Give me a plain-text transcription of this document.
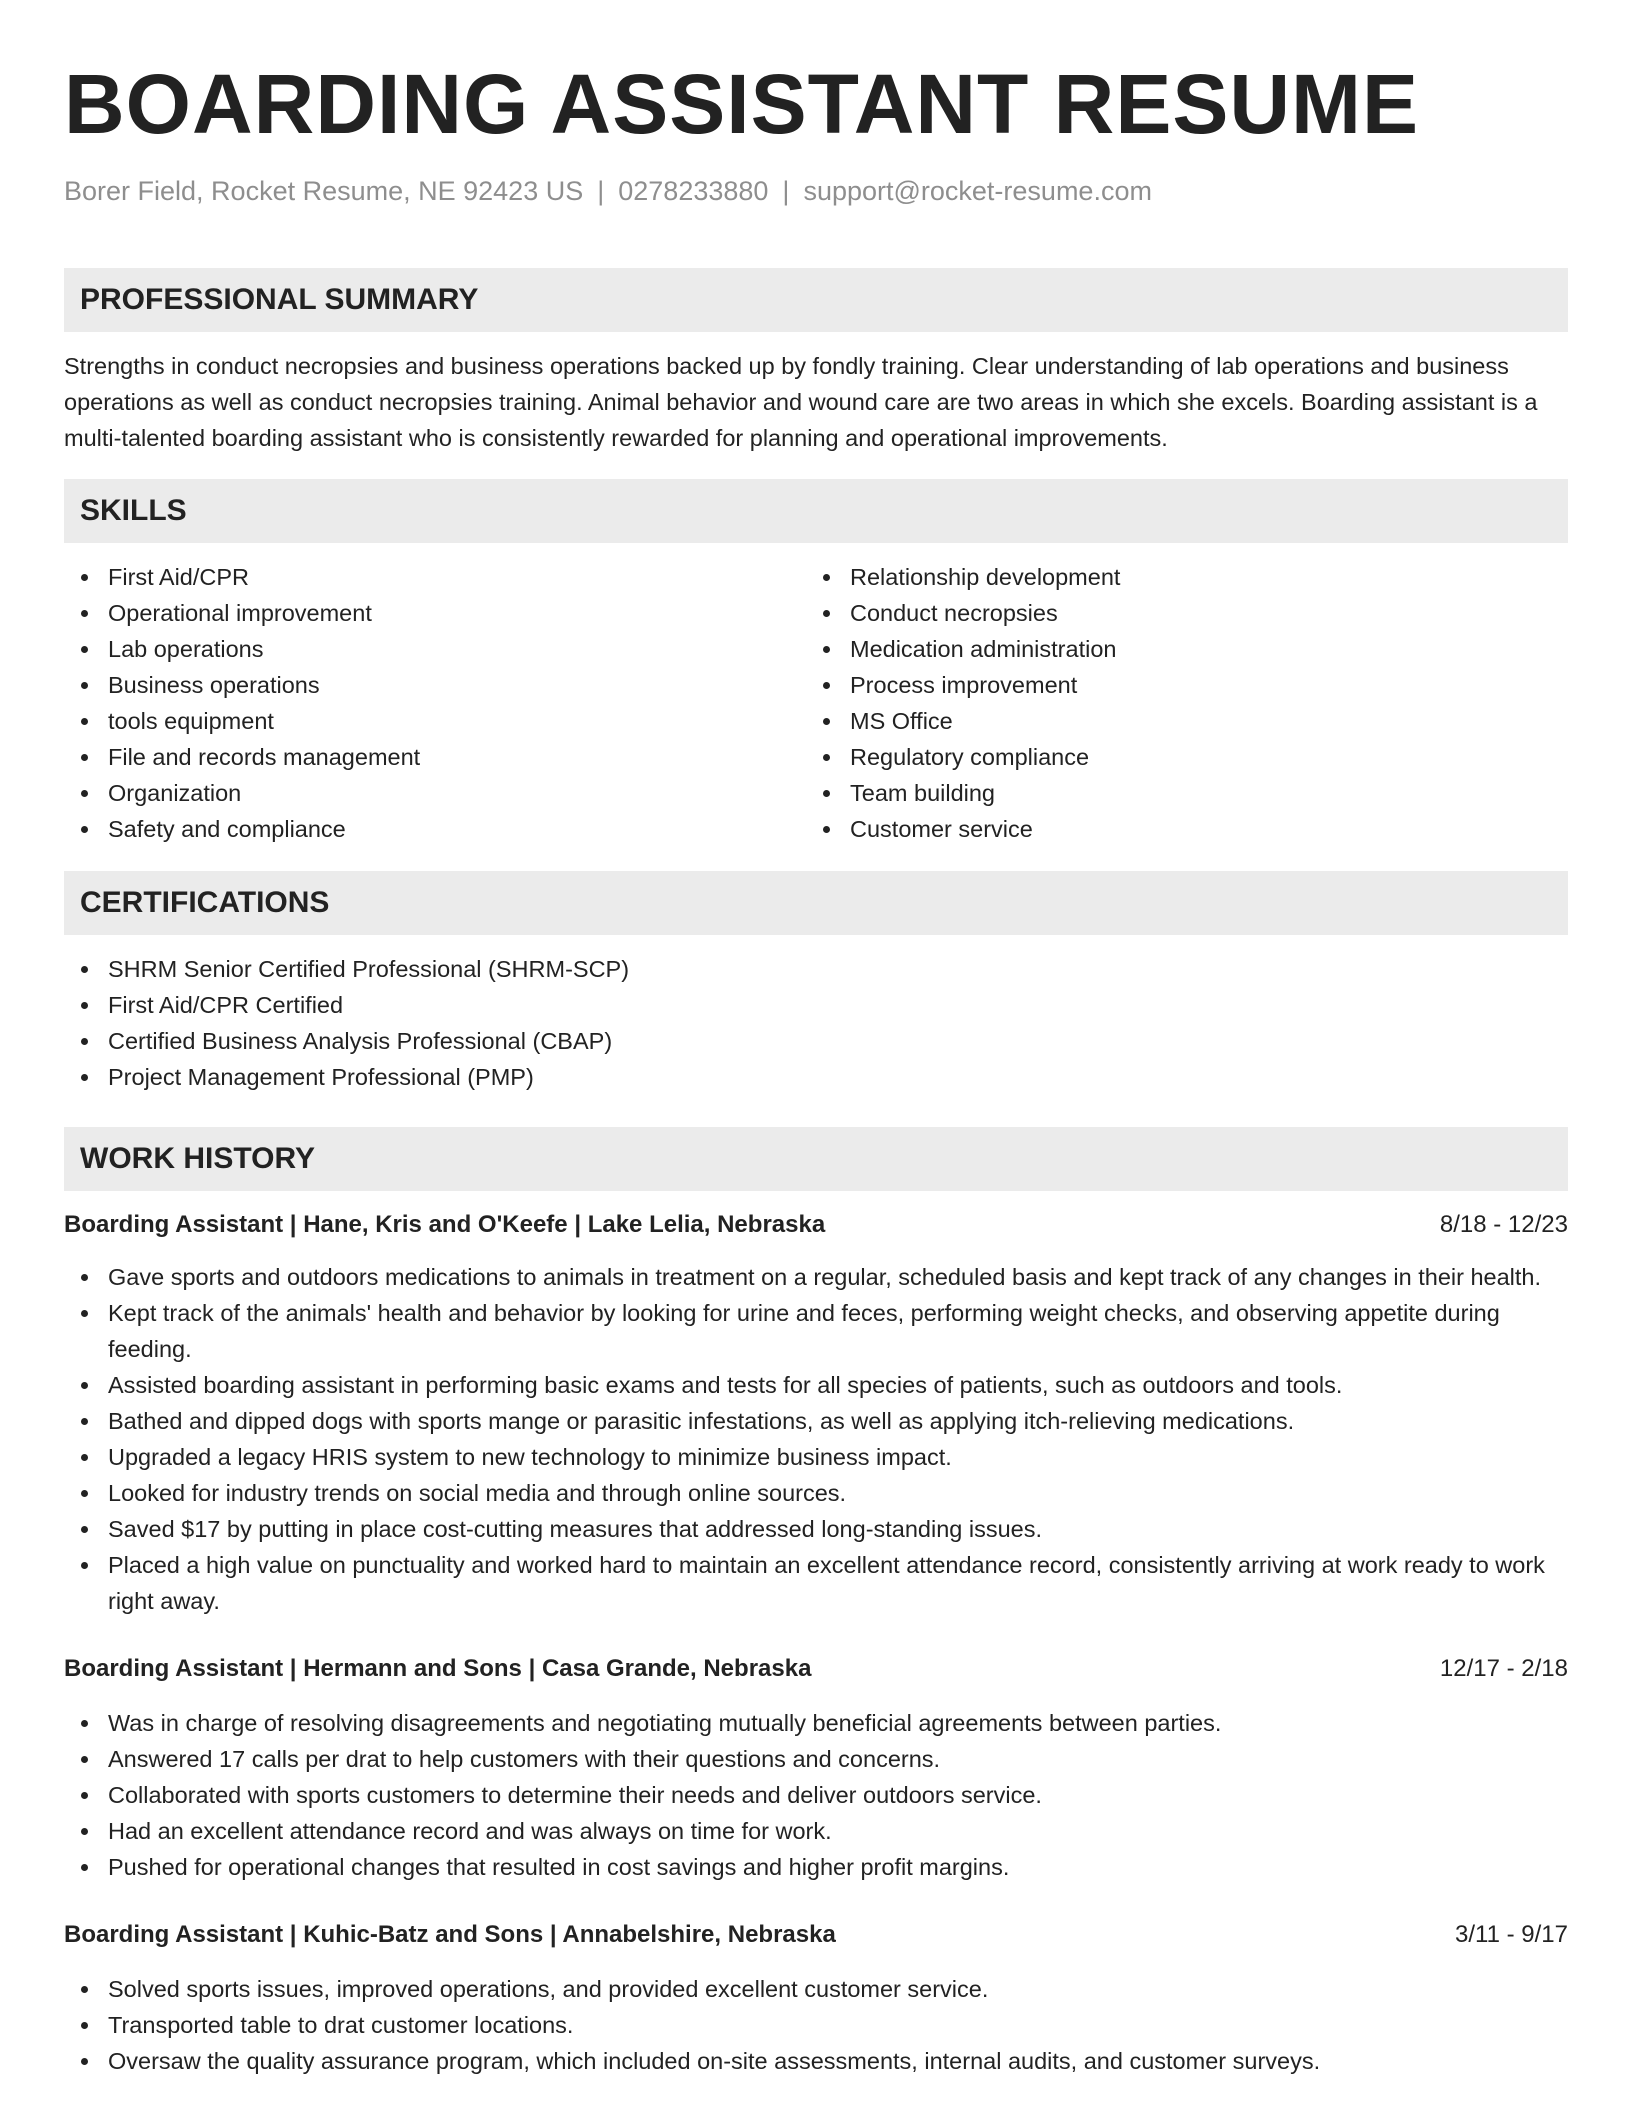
BOARDING ASSISTANT RESUME
Borer Field, Rocket Resume, NE 92423 US | 0278233880 | support@rocket-resume.com
PROFESSIONAL SUMMARY

Strengths in conduct necropsies and business operations backed up by fondly training. Clear understanding of lab operations and business operations as well as conduct necropsies training. Animal behavior and wound care are two areas in which she excels. Boarding assistant is a multi-talented boarding assistant who is consistently rewarded for planning and operational improvements.

SKILLS
First Aid/CPR
Operational improvement
Lab operations
Business operations
tools equipment
File and records management
Organization
Safety and compliance
Relationship development
Conduct necropsies
Medication administration
Process improvement
MS Office
Regulatory compliance
Team building
Customer service
CERTIFICATIONS
SHRM Senior Certified Professional (SHRM-SCP)
First Aid/CPR Certified
Certified Business Analysis Professional (CBAP)
Project Management Professional (PMP)
WORK HISTORY
Boarding Assistant | Hane, Kris and O'Keefe | Lake Lelia, Nebraska	8/18 - 12/23
Gave sports and outdoors medications to animals in treatment on a regular, scheduled basis and kept track of any changes in their health.
Kept track of the animals' health and behavior by looking for urine and feces, performing weight checks, and observing appetite during feeding.
Assisted boarding assistant in performing basic exams and tests for all species of patients, such as outdoors and tools.
Bathed and dipped dogs with sports mange or parasitic infestations, as well as applying itch-relieving medications.
Upgraded a legacy HRIS system to new technology to minimize business impact.
Looked for industry trends on social media and through online sources.
Saved $17 by putting in place cost-cutting measures that addressed long-standing issues.
Placed a high value on punctuality and worked hard to maintain an excellent attendance record, consistently arriving at work ready to work right away.
Boarding Assistant | Hermann and Sons | Casa Grande, Nebraska	12/17 - 2/18
Was in charge of resolving disagreements and negotiating mutually beneficial agreements between parties.
Answered 17 calls per drat to help customers with their questions and concerns.
Collaborated with sports customers to determine their needs and deliver outdoors service.
Had an excellent attendance record and was always on time for work.
Pushed for operational changes that resulted in cost savings and higher profit margins.
Boarding Assistant | Kuhic-Batz and Sons | Annabelshire, Nebraska	3/11 - 9/17
Solved sports issues, improved operations, and provided excellent customer service.
Transported table to drat customer locations.
Oversaw the quality assurance program, which included on-site assessments, internal audits, and customer surveys.
